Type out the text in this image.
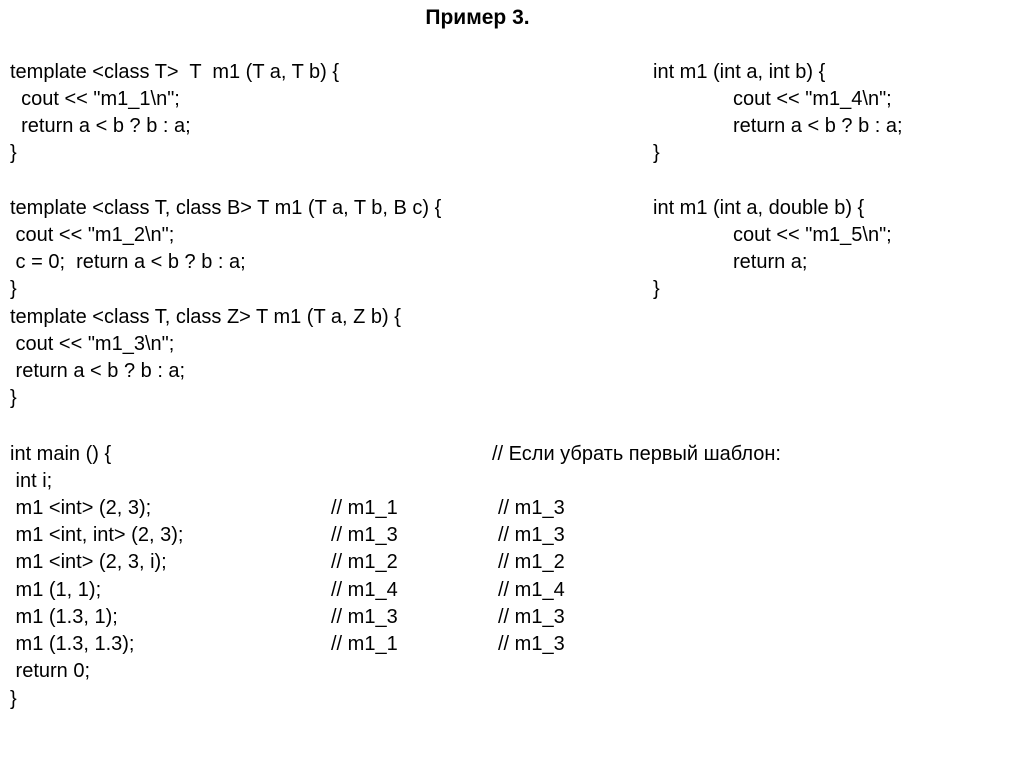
Пример 3.
template <class T>  T  m1 (T a, T b) {
cout << "m1_1\n";
return a < b ? b : a;
}
template <class T, class B> T m1 (T a, T b, B c) {
cout << "m1_2\n";
c = 0;  return a < b ? b : a;
}
template <class T, class Z> T m1 (T a, Z b) {
cout << "m1_3\n";
return a < b ? b : a;
}
int m1 (int a, int b) {
cout << "m1_4\n";
return a < b ? b : a;
}
int m1 (int a, double b) {
cout << "m1_5\n";
return a;
}
int main () {
int i;
m1 <int> (2, 3);	// m1_1	// m1_3
m1 <int, int> (2, 3);	// m1_3	// m1_3
m1 <int> (2, 3, i);	// m1_2	// m1_2
m1 (1, 1);	// m1_4	// m1_4
m1 (1.3, 1);	// m1_3	// m1_3
m1 (1.3, 1.3);	// m1_1	// m1_3
return 0;
}
// Если убрать первый шаблон:
